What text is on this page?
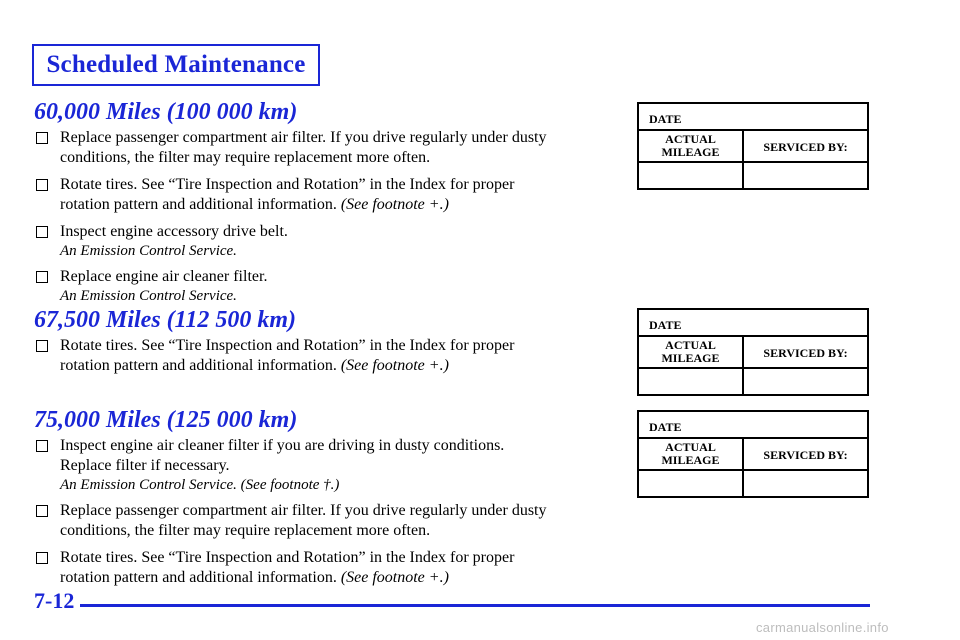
Scheduled Maintenance
60,000 Miles (100 000 km)
Replace passenger compartment air filter. If you drive regularly under dusty
conditions, the filter may require replacement more often.
Rotate tires. See “Tire Inspection and Rotation” in the Index for proper
rotation pattern and additional information. (See footnote +.)
Inspect engine accessory drive belt.
An Emission Control Service.
Replace engine air cleaner filter.
An Emission Control Service.
67,500 Miles (112 500 km)
Rotate tires. See “Tire Inspection and Rotation” in the Index for proper
rotation pattern and additional information. (See footnote +.)
75,000 Miles (125 000 km)
Inspect engine air cleaner filter if you are driving in dusty conditions.
Replace filter if necessary.
An Emission Control Service. (See footnote †.)
Replace passenger compartment air filter. If you drive regularly under dusty
conditions, the filter may require replacement more often.
Rotate tires. See “Tire Inspection and Rotation” in the Index for proper
rotation pattern and additional information. (See footnote +.)
DATE
ACTUAL
MILEAGE	SERVICED BY:
DATE
ACTUAL
MILEAGE	SERVICED BY:
DATE
ACTUAL
MILEAGE	SERVICED BY:
7-12
carmanualsonline.info
